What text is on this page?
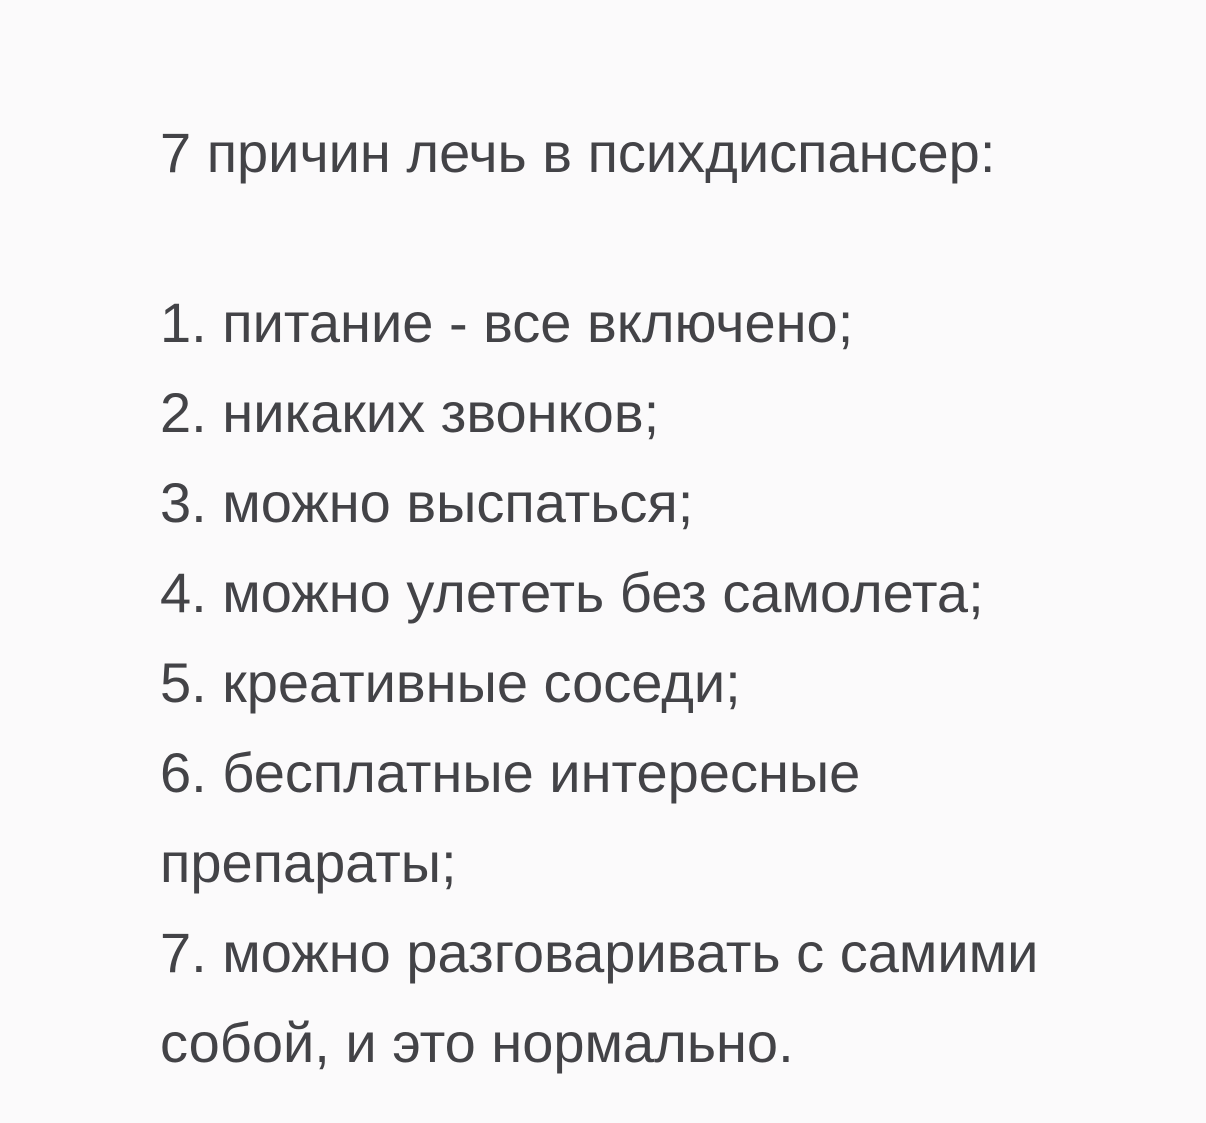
7 причин лечь в психдиспансер:

1. питание - все включено;

2. никаких звонков;

3. можно выспаться;

4. можно улететь без самолета;

5. креативные соседи;

6. бесплатные интересные препараты;

7. можно разговаривать с самими собой, и это нормально.
